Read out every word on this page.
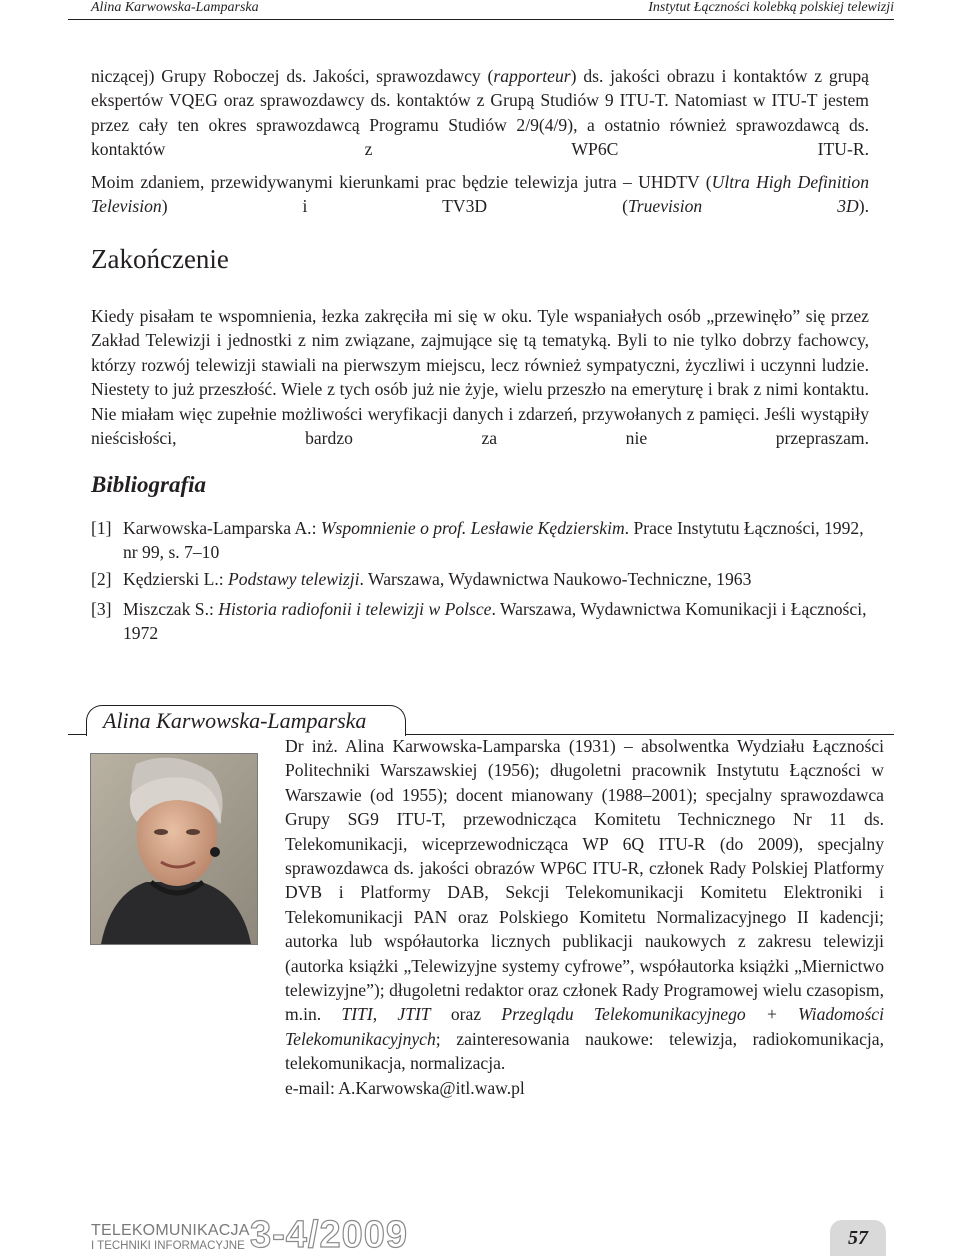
Alina Karwowska-Lamparska	Instytut Łączności kolebką polskiej telewizji

niczącej) Grupy Roboczej ds. Jakości, sprawozdawcy (rapporteur) ds. jakości obrazu i kontaktów z grupą ekspertów VQEG oraz sprawozdawcy ds. kontaktów z Grupą Studiów 9 ITU-T. Natomiast w ITU-T jestem przez cały ten okres sprawozdawcą Programu Studiów 2/9(4/9), a ostatnio również sprawozdawcą ds. kontaktów z WP6C ITU-R.

Moim zdaniem, przewidywanymi kierunkami prac będzie telewizja jutra – UHDTV (Ultra High Definition Television) i TV3D (Truevision 3D).

Zakończenie

Kiedy pisałam te wspomnienia, łezka zakręciła mi się w oku. Tyle wspaniałych osób „przewinęło” się przez Zakład Telewizji i jednostki z nim związane, zajmujące się tą tematyką. Byli to nie tylko dobrzy fachowcy, którzy rozwój telewizji stawiali na pierwszym miejscu, lecz również sympatyczni, życzliwi i uczynni ludzie. Niestety to już przeszłość. Wiele z tych osób już nie żyje, wielu przeszło na emeryturę i brak z nimi kontaktu. Nie miałam więc zupełnie możliwości weryfikacji danych i zdarzeń, przywołanych z pamięci. Jeśli wystąpiły nieścisłości, bardzo za nie przepraszam.

Bibliografia
[1] Karwowska-Lamparska A.: Wspomnienie o prof. Lesławie Kędzierskim. Prace Instytutu Łączności, 1992, nr 99, s. 7–10
[2] Kędzierski L.: Podstawy telewizji. Warszawa, Wydawnictwa Naukowo-Techniczne, 1963
[3] Miszczak S.: Historia radiofonii i telewizji w Polsce. Warszawa, Wydawnictwa Komunikacji i Łączności, 1972
Alina Karwowska-Lamparska

Dr inż. Alina Karwowska-Lamparska (1931) – absolwentka Wydziału Łączności Politechniki Warszawskiej (1956); długoletni pracownik Instytutu Łączności w Warszawie (od 1955); docent mianowany (1988–2001); specjalny sprawozdawca Grupy SG9 ITU-T, przewodnicząca Komitetu Technicznego Nr 11 ds. Telekomunikacji, wiceprzewodnicząca WP 6Q ITU-R (do 2009), specjalny sprawozdawca ds. jakości obrazów WP6C ITU-R, członek Rady Polskiej Platformy DVB i Platformy DAB, Sekcji Telekomunikacji Komitetu Elektroniki i Telekomunikacji PAN oraz Polskiego Komitetu Normalizacyjnego II kadencji; autorka lub współautorka licznych publikacji naukowych z zakresu telewizji (autorka książki „Telewizyjne systemy cyfrowe”, współautorka książki „Miernictwo telewizyjne”); długoletni redaktor oraz członek Rady Programowej wielu czasopism, m.in. TITI, JTIT oraz Przeglądu Telekomunikacyjnego + Wiadomości Telekomunikacyjnych; zainteresowania naukowe: telewizja, radiokomunikacja, telekomunikacja, normalizacja.
e-mail: A.Karwowska@itl.waw.pl

TELEKOMUNIKACJA
I TECHNIKI INFORMACYJNE 3-4/2009	57
